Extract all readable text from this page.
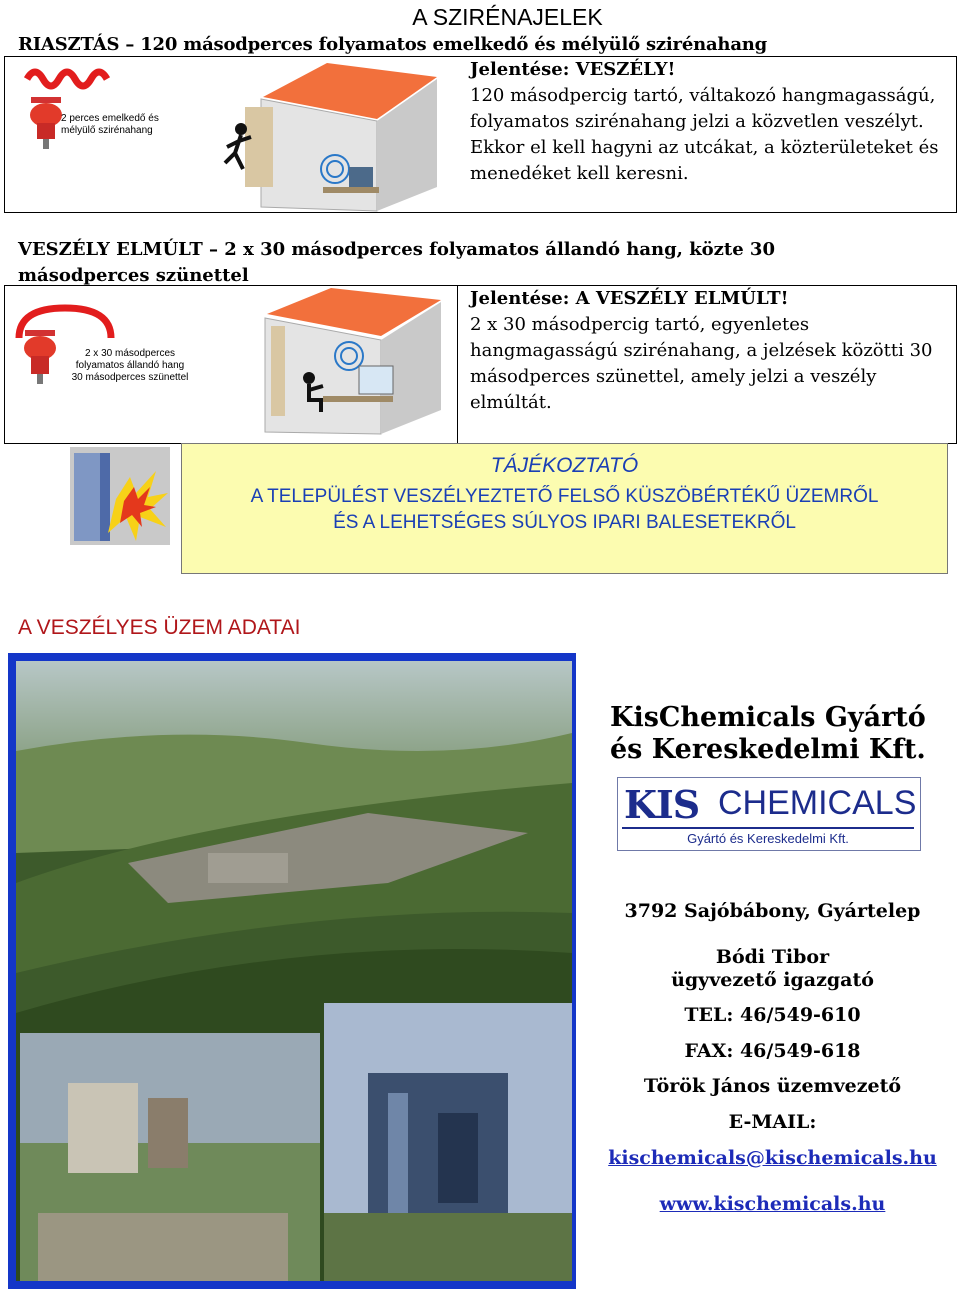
A SZIRÉNAJELEK
RIASZTÁS – 120 másodperces folyamatos emelkedő és mélyülő szirénahang
2 perces emelkedő és
mélyülő szirénahang
Jelentése: VESZÉLY!
120 másodpercig tartó, váltakozó hangmagasságú, folyamatos szirénahang jelzi a közvetlen veszélyt.
Ekkor el kell hagyni az utcákat, a közterületeket és menedéket kell keresni.
VESZÉLY ELMÚLT – 2 x 30 másodperces folyamatos állandó hang, közte 30 másodperces szünettel
2 x 30 másodperces
folyamatos állandó hang
30 másodperces szünettel
Jelentése: A VESZÉLY ELMÚLT!
2 x 30 másodpercig tartó, egyenletes hangmagasságú szirénahang, a jelzések közötti 30 másodperces szünettel, amely jelzi a veszély elmúltát.
TÁJÉKOZTATÓ
A TELEPÜLÉST VESZÉLYEZTETŐ FELSŐ KÜSZÖBÉRTÉKŰ ÜZEMRŐL
ÉS A LEHETSÉGES SÚLYOS IPARI BALESETEKRŐL
A VESZÉLYES ÜZEM ADATAI
KisChemicals Gyártó
és Kereskedelmi Kft.
KIS CHEMICALS
Gyártó és Kereskedelmi Kft.
3792 Sajóbábony, Gyártelep
Bódi Tibor
ügyvezető igazgató
TEL: 46/549-610
FAX: 46/549-618
Török János üzemvezető
E-MAIL:
kischemicals@kischemicals.hu
www.kischemicals.hu
